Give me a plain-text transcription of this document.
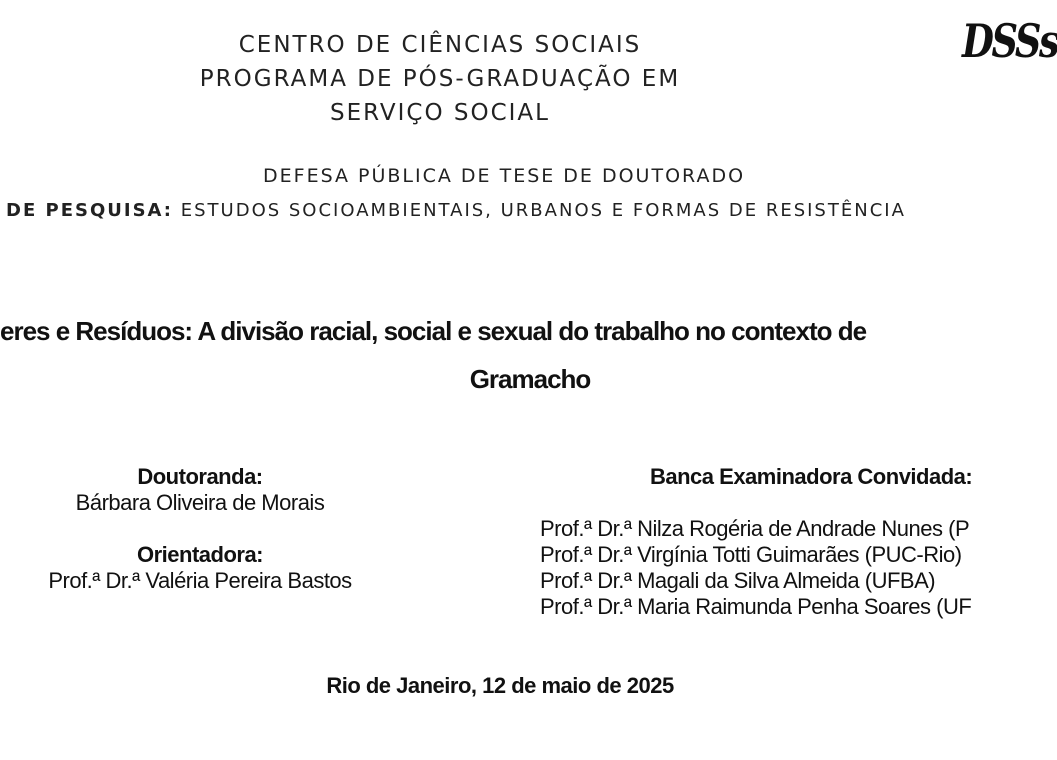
CENTRO DE CIÊNCIAS SOCIAIS
PROGRAMA DE PÓS-GRADUAÇÃO EM
SERVIÇO SOCIAL
DSSs
DEFESA PÚBLICA DE TESE DE DOUTORADO
DE PESQUISA: ESTUDOS SOCIOAMBIENTAIS, URBANOS E FORMAS DE RESISTÊNCIA
eres e Resíduos: A divisão racial, social e sexual do trabalho no contexto de
Gramacho
Doutoranda:
Bárbara Oliveira de Morais
Orientadora:
Prof.ª Dr.ª Valéria Pereira Bastos
Banca Examinadora Convidada:
Prof.ª Dr.ª Nilza Rogéria de Andrade Nunes (P
Prof.ª Dr.ª Virgínia Totti Guimarães (PUC-Rio)
Prof.ª Dr.ª Magali da Silva Almeida (UFBA)
Prof.ª Dr.ª Maria Raimunda Penha Soares (UF
Rio de Janeiro, 12 de maio de 2025
